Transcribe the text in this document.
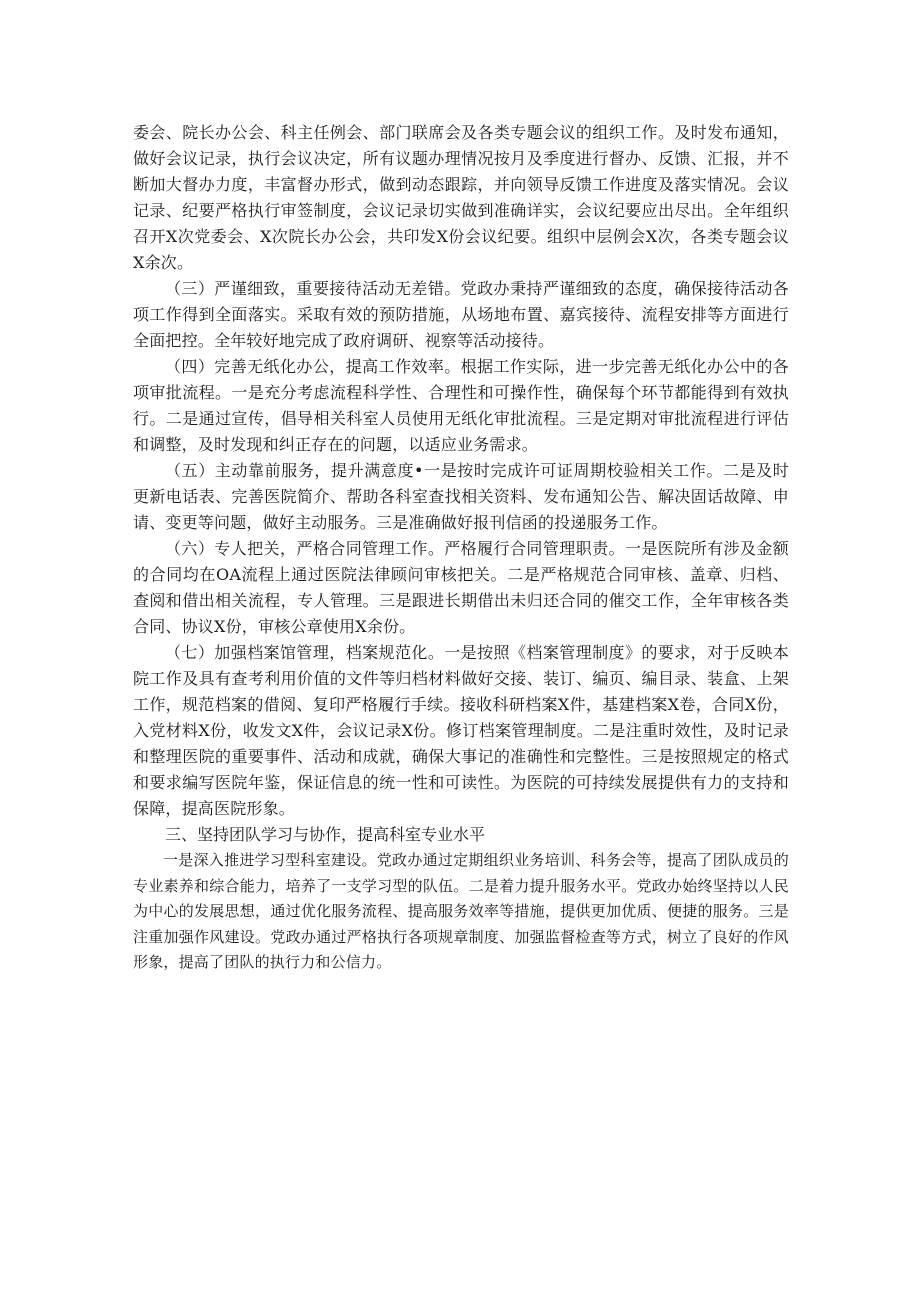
委会、院长办公会、科主任例会、部门联席会及各类专题会议的组织工作。及时发布通知，做好会议记录，执行会议决定，所有议题办理情况按月及季度进行督办、反馈、汇报，并不断加大督办力度，丰富督办形式，做到动态跟踪，并向领导反馈工作进度及落实情况。会议记录、纪要严格执行审签制度，会议记录切实做到准确详实，会议纪要应出尽出。全年组织召开X次党委会、X次院长办公会，共印发X份会议纪要。组织中层例会X次，各类专题会议X余次。

（三）严谨细致，重要接待活动无差错。党政办秉持严谨细致的态度，确保接待活动各项工作得到全面落实。采取有效的预防措施，从场地布置、嘉宾接待、流程安排等方面进行全面把控。全年较好地完成了政府调研、视察等活动接待。

（四）完善无纸化办公，提高工作效率。根据工作实际，进一步完善无纸化办公中的各项审批流程。一是充分考虑流程科学性、合理性和可操作性，确保每个环节都能得到有效执行。二是通过宣传，倡导相关科室人员使用无纸化审批流程。三是定期对审批流程进行评估和调整，及时发现和纠正存在的问题，以适应业务需求。

（五）主动靠前服务，提升满意度•一是按时完成许可证周期校验相关工作。二是及时更新电话表、完善医院简介、帮助各科室查找相关资料、发布通知公告、解决固话故障、申请、变更等问题，做好主动服务。三是准确做好报刊信函的投递服务工作。

（六）专人把关，严格合同管理工作。严格履行合同管理职责。一是医院所有涉及金额的合同均在OA流程上通过医院法律顾问审核把关。二是严格规范合同审核、盖章、归档、查阅和借出相关流程，专人管理。三是跟进长期借出未归还合同的催交工作，全年审核各类合同、协议X份，审核公章使用X余份。

（七）加强档案馆管理，档案规范化。一是按照《档案管理制度》的要求，对于反映本院工作及具有查考利用价值的文件等归档材料做好交接、装订、编页、编目录、装盒、上架工作，规范档案的借阅、复印严格履行手续。接收科研档案X件，基建档案X卷，合同X份，入党材料X份，收发文X件，会议记录X份。修订档案管理制度。二是注重时效性，及时记录和整理医院的重要事件、活动和成就，确保大事记的准确性和完整性。三是按照规定的格式和要求编写医院年鉴，保证信息的统一性和可读性。为医院的可持续发展提供有力的支持和保障，提高医院形象。

三、坚持团队学习与协作，提高科室专业水平

一是深入推进学习型科室建设。党政办通过定期组织业务培训、科务会等，提高了团队成员的专业素养和综合能力，培养了一支学习型的队伍。二是着力提升服务水平。党政办始终坚持以人民为中心的发展思想，通过优化服务流程、提高服务效率等措施，提供更加优质、便捷的服务。三是注重加强作风建设。党政办通过严格执行各项规章制度、加强监督检查等方式，树立了良好的作风形象，提高了团队的执行力和公信力。
